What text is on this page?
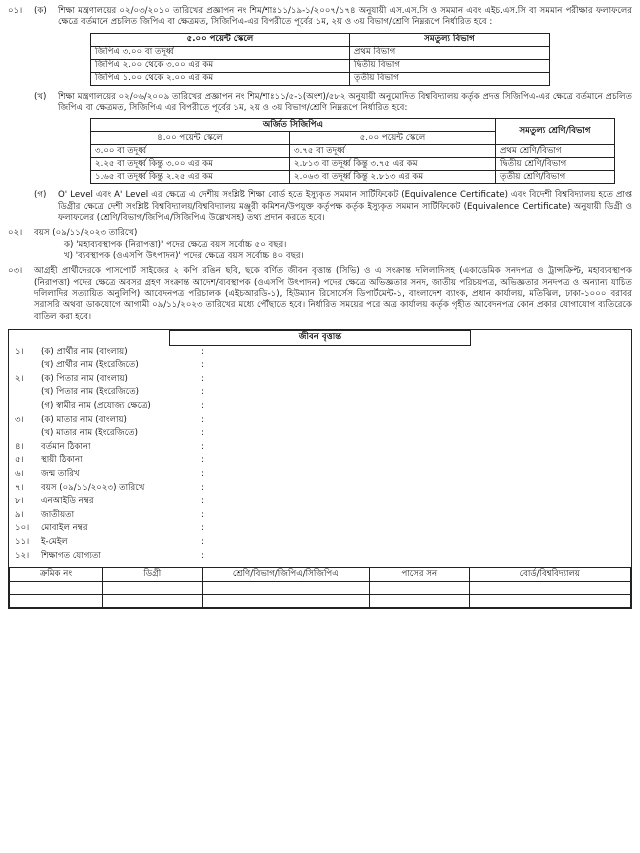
০১।	(ক)	শিক্ষা মন্ত্রণালয়ের ০২/০৩/২০১০ তারিখের প্রজ্ঞাপন নং শিম/শাঃ১১/১৯-১/২০০৭/১৭৪ অনুযায়ী এস.এস.সি ও সমমান এবং এইচ.এস.সি বা সমমান পরীক্ষার ফলাফলের ক্ষেত্রে বর্তমানে প্রচলিত জিপিএ বা ক্ষেত্রমত, সিজিপিএ-এর বিপরীতে পূর্বের ১ম, ২য় ও ৩য় বিভাগ/শ্রেণি নিম্নরূপে নির্ধারিত হবে :
৫.০০ পয়েন্ট স্কেলে	সমতুল্য বিভাগ
জিপিএ ৩.০০ বা তদূর্ধ্ব	প্রথম বিভাগ
জিপিএ ২.০০ থেকে ৩.০০ এর কম	দ্বিতীয় বিভাগ
জিপিএ ১.০০ থেকে ২.০০ এর কম	তৃতীয় বিভাগ
(খ)	শিক্ষা মন্ত্রণালয়ের ০২/০৬/২০০৯ তারিখের প্রজ্ঞাপন নং শিম/শাঃ১১/৫-১(অংশ)/৫৮২ অনুযায়ী অনুমোদিত বিশ্ববিদ্যালয় কর্তৃক প্রদত্ত সিজিপিএ-এর ক্ষেত্রে বর্তমানে প্রচলিত জিপিএ বা ক্ষেত্রমত, সিজিপিএ এর বিপরীতে পূর্বের ১ম, ২য় ও ৩য় বিভাগ/শ্রেণি নিম্নরূপে নির্ধারিত হবে:
অর্জিত সিজিপিএ		সমতুল্য শ্রেণি/বিভাগ
৪.০০ পয়েন্ট স্কেলে	৫.০০ পয়েন্ট স্কেলে	
৩.০০ বা তদূর্ধ্ব	৩.৭৫ বা তদূর্ধ্ব	প্রথম শ্রেণি/বিভাগ
২.২৫ বা তদূর্ধ্ব কিন্তু ৩.০০ এর কম	২.৮১৩ বা তদূর্ধ্ব কিন্তু ৩.৭৫ এর কম	দ্বিতীয় শ্রেণি/বিভাগ
১.৬৫ বা তদূর্ধ্ব কিন্তু ২.২৫ এর কম	২.০৬৩ বা তদূর্ধ্ব কিন্তু ২.৮১৩ এর কম	তৃতীয় শ্রেণি/বিভাগ
(গ)	O' Level এবং A' Level এর ক্ষেত্রে এ দেশীয় সংশ্লিষ্ট শিক্ষা বোর্ড হতে ইস্যুকৃত সমমান সার্টিফিকেট (Equivalence Certificate) এবং বিদেশী বিশ্ববিদ্যালয় হতে প্রাপ্ত ডিগ্রীর ক্ষেত্রে দেশী সংশ্লিষ্ট বিশ্ববিদ্যালয়/বিশ্ববিদ্যালয় মঞ্জুরী কমিশন/উপযুক্ত কর্তৃপক্ষ কর্তৃক ইস্যুকৃত সমমান সার্টিফিকেট (Equivalence Certificate) অনুযায়ী ডিগ্রী ও ফলাফলের (শ্রেণি/বিভাগ/জিপিএ/সিজিপিএ উল্লেখসহ) তথ্য প্রদান করতে হবে।
০২।	বয়স (০৯/১১/২০২৩ তারিখে)
ক) 'মহাব্যবস্থাপক (নিরাপত্তা)' পদের ক্ষেত্রে বয়স সর্বোচ্চ ৫০ বছর।
খ) 'ব্যবস্থাপক (ওএসপি উৎপাদন)' পদের ক্ষেত্রে বয়স সর্বোচ্চ ৪০ বছর।
০৩।	আগ্রহী প্রার্থীদেরকে পাসপোর্ট সাইজের ২ কপি রঙিন ছবি, ছকে বর্ণিত জীবন বৃত্তান্ত (সিভি) ও এ সংক্রান্ত দলিলাদিসহ (একাডেমিক সনদপত্র ও ট্রান্সক্রিপ্ট, মহাব্যবস্থাপক (নিরাপত্তা) পদের ক্ষেত্রে অবসর গ্রহণ সংক্রান্ত আদেশ/ব্যবস্থাপক (ওএসপি উৎপাদন) পদের ক্ষেত্রে অভিজ্ঞতার সনদ, জাতীয় পরিচয়পত্র, অভিজ্ঞতার সনদপত্র ও অন্যান্য যাচিত দলিলাদির সত্যায়িত অনুলিপি) আবেদনপত্র পরিচালক (এইচআরডি-১), হিউম্যান রিসোর্সেস ডিপার্টমেন্ট-১, বাংলাদেশ ব্যাংক, প্রধান কার্যালয়, মতিঝিল, ঢাকা-১০০০ বরাবর সরাসরি অথবা ডাকযোগে আগামী ০৯/১১/২০২৩ তারিখের মধ্যে পৌঁছাতে হবে। নির্ধারিত সময়ের পরে অত্র কার্যালয় কর্তৃক গৃহীত আবেদনপত্র কোন প্রকার যোগাযোগ ব্যতিরেকে বাতিল করা হবে।
জীবন বৃত্তান্ত
১।	(ক) প্রার্থীর নাম (বাংলায়)	:
(খ) প্রার্থীর নাম (ইংরেজিতে)	:
২।	(ক) পিতার নাম (বাংলায়)	:
(খ) পিতার নাম (ইংরেজিতে)	:
(গ) স্বামীর নাম (প্রযোজ্য ক্ষেত্রে)	:
৩।	(ক) মাতার নাম (বাংলায়)	:
(খ) মাতার নাম (ইংরেজিতে)	:
৪।	বর্তমান ঠিকানা	:
৫।	স্থায়ী ঠিকানা	:
৬।	জন্ম তারিখ	:
৭।	বয়স (০৯/১১/২০২৩) তারিখে	:
৮।	এনআইডি নম্বর	:
৯।	জাতীয়তা	:
১০।	মোবাইল নম্বর	:
১১।	ই-মেইল	:
১২।	শিক্ষাগত যোগ্যতা	:
ক্রমিক নং	ডিগ্রী	শ্রেণি/বিভাগ/জিপিএ/সিজিপিএ	পাসের সন	বোর্ড/বিশ্ববিদ্যালয়
